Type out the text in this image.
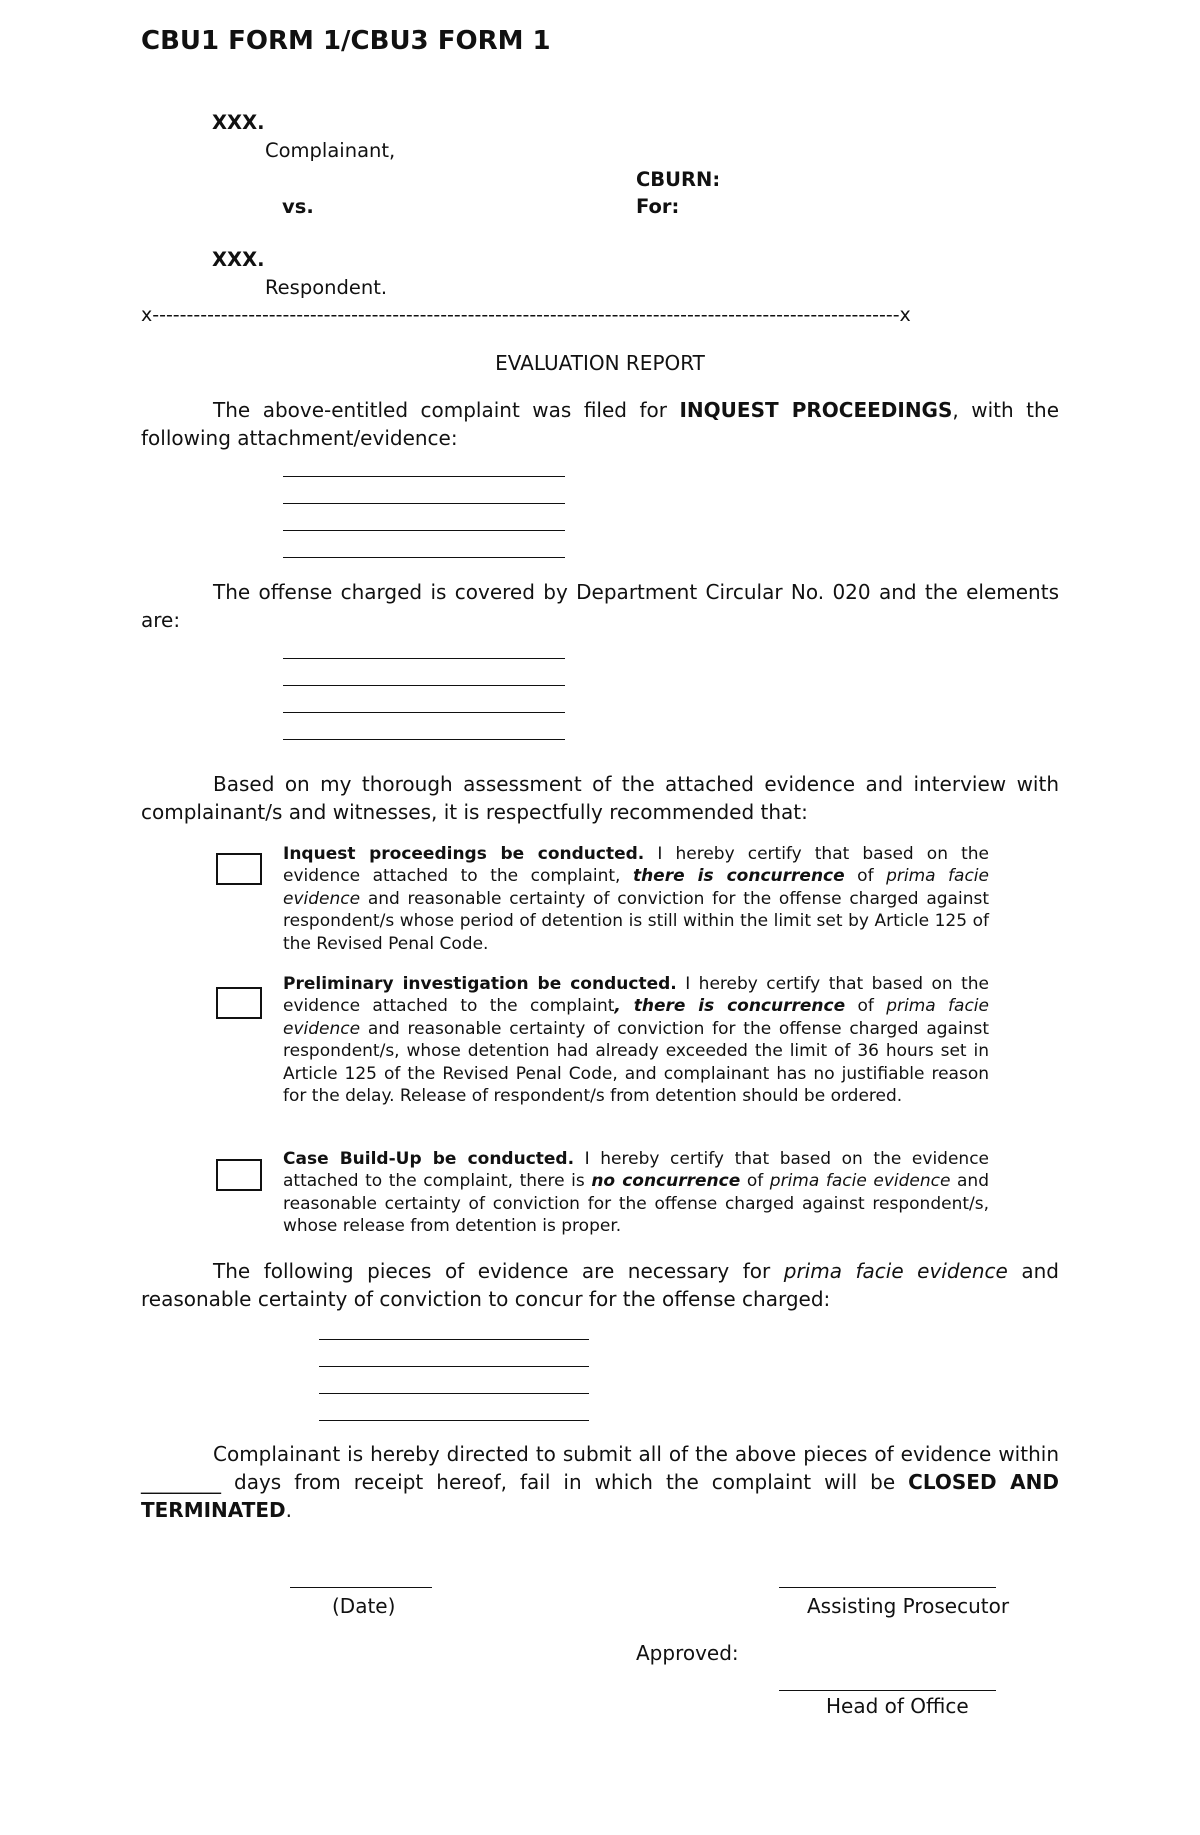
CBU1 FORM 1/CBU3 FORM 1
XXX.
Complainant,
CBURN:
vs.	For:
XXX.
Respondent.
x-------------------------------------------------------------------------------------------------------------x
EVALUATION REPORT
The above-entitled complaint was filed for INQUEST PROCEEDINGS, with the following attachment/evidence:
The offense charged is covered by Department Circular No. 020 and the elements are:
Based on my thorough assessment of the attached evidence and interview with complainant/s and witnesses, it is respectfully recommended that:
Inquest proceedings be conducted. I hereby certify that based on the evidence attached to the complaint, there is concurrence of prima facie evidence and reasonable certainty of conviction for the offense charged against respondent/s whose period of detention is still within the limit set by Article 125 of the Revised Penal Code.
Preliminary investigation be conducted. I hereby certify that based on the evidence attached to the complaint, there is concurrence of prima facie evidence and reasonable certainty of conviction for the offense charged against respondent/s, whose detention had already exceeded the limit of 36 hours set in Article 125 of the Revised Penal Code, and complainant has no justifiable reason for the delay. Release of respondent/s from detention should be ordered.
Case Build-Up be conducted. I hereby certify that based on the evidence attached to the complaint, there is no concurrence of prima facie evidence and reasonable certainty of conviction for the offense charged against respondent/s, whose release from detention is proper.
The following pieces of evidence are necessary for prima facie evidence and reasonable certainty of conviction to concur for the offense charged:
Complainant is hereby directed to submit all of the above pieces of evidence within ________ days from receipt hereof, fail in which the complaint will be CLOSED AND TERMINATED.
(Date)	Assisting Prosecutor
Approved:
Head of Office
